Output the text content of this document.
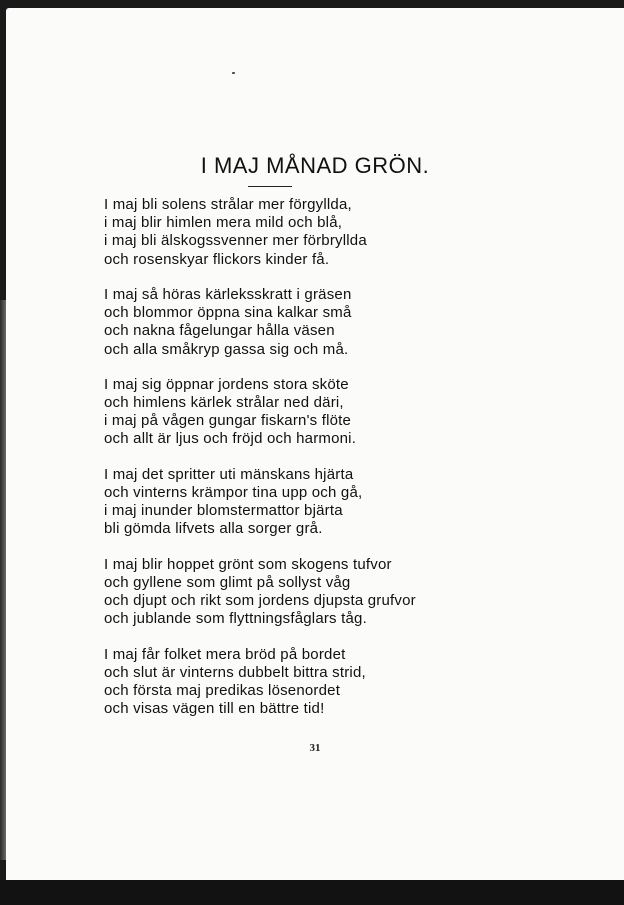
I MAJ MÅNAD GRÖN.
I maj bli solens strålar mer förgyllda,
i maj blir himlen mera mild och blå,
i maj bli älskogssvenner mer förbryllda
och rosenskyar flickors kinder få.
I maj så höras kärleksskratt i gräsen
och blommor öppna sina kalkar små
och nakna fågelungar hålla väsen
och alla småkryp gassa sig och må.
I maj sig öppnar jordens stora sköte
och himlens kärlek strålar ned däri,
i maj på vågen gungar fiskarn's flöte
och allt är ljus och fröjd och harmoni.
I maj det spritter uti mänskans hjärta
och vinterns krämpor tina upp och gå,
i maj inunder blomstermattor bjärta
bli gömda lifvets alla sorger grå.
I maj blir hoppet grönt som skogens tufvor
och gyllene som glimt på sollyst våg
och djupt och rikt som jordens djupsta grufvor
och jublande som flyttningsfåglars tåg.
I maj får folket mera bröd på bordet
och slut är vinterns dubbelt bittra strid,
och första maj predikas lösenordet
och visas vägen till en bättre tid!
31
